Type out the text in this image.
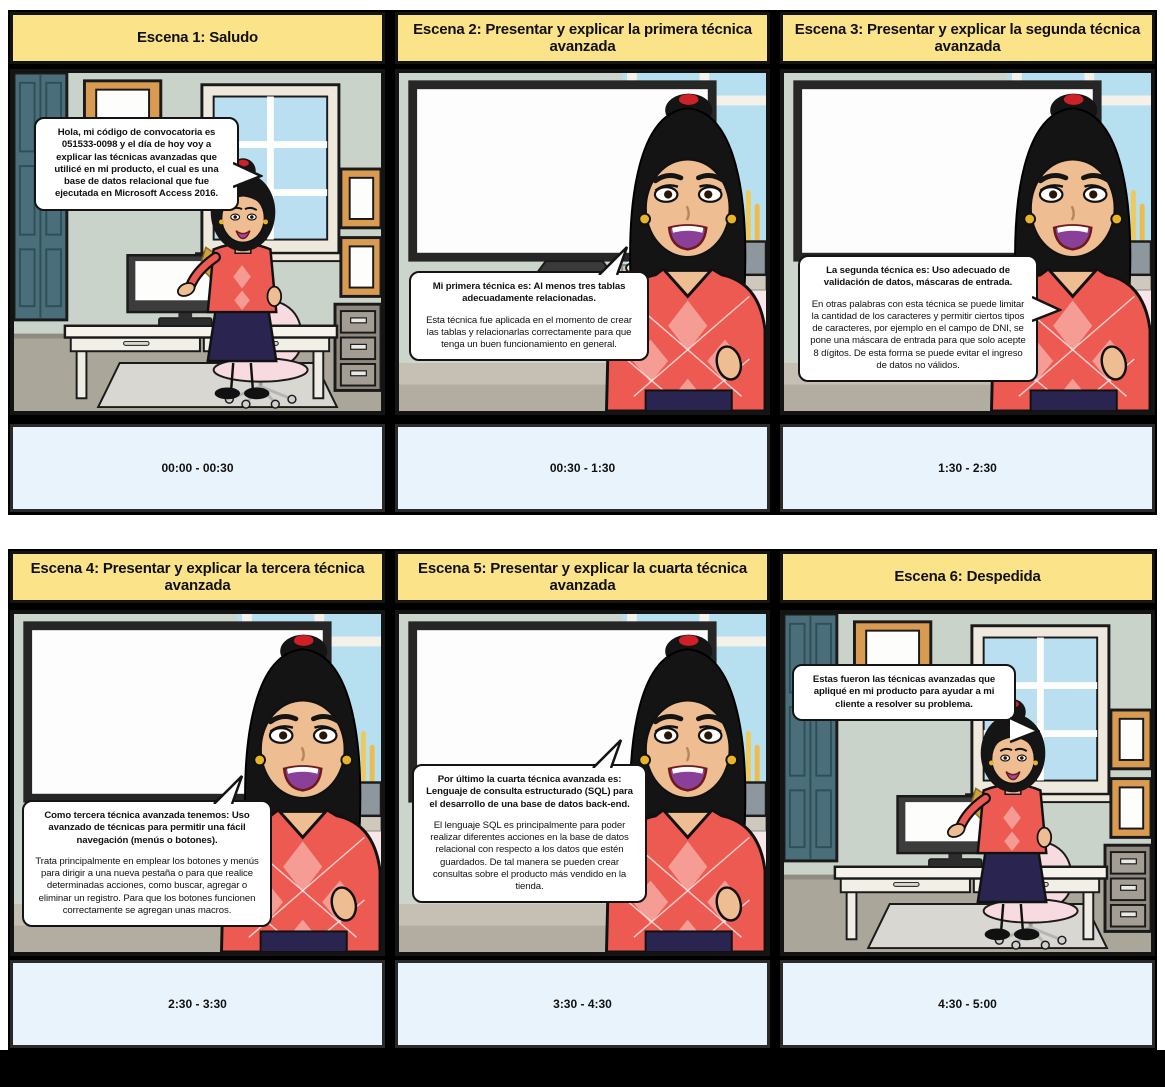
Escena 1: Saludo

Hola, mi código de convocatoria es 051533-0098 y el día de hoy voy a explicar las técnicas avanzadas que utilicé en mi producto, el cual es una base de datos relacional que fue ejecutada en Microsoft Access 2016.

00:00 - 00:30
Escena 2: Presentar y explicar la primera técnica avanzada

Mi primera técnica es: Al menos tres tablas adecuadamente relacionadas.

Esta técnica fue aplicada en el momento de crear las tablas y relacionarlas correctamente para que tenga un buen funcionamiento en general.

00:30 - 1:30
Escena 3: Presentar y explicar la segunda técnica avanzada

La segunda técnica es: Uso adecuado de validación de datos, máscaras de entrada.

En otras palabras con esta técnica se puede limitar la cantidad de los caracteres y permitir ciertos tipos de caracteres, por ejemplo en el campo de DNI, se pone una máscara de entrada para que solo acepte 8 dígitos. De esta forma se puede evitar el ingreso de datos no válidos.

1:30 - 2:30
Escena 4: Presentar y explicar la tercera técnica avanzada

Como tercera técnica avanzada tenemos: Uso avanzado de técnicas para permitir una fácil navegación (menús o botones).

Trata principalmente en emplear los botones y menús para dirigir a una nueva pestaña o para que realice determinadas acciones, como buscar, agregar o eliminar un registro. Para que los botones funcionen correctamente se agregan unas macros.

2:30 - 3:30
Escena 5: Presentar y explicar la cuarta técnica avanzada

Por último la cuarta técnica avanzada es: Lenguaje de consulta estructurado (SQL) para el desarrollo de una base de datos back-end.

El lenguaje SQL es principalmente para poder realizar diferentes acciones en la base de datos relacional con respecto a los datos que estén guardados. De tal manera se pueden crear consultas sobre el producto más vendido en la tienda.

3:30 - 4:30
Escena 6: Despedida

Estas fueron las técnicas avanzadas que apliqué en mi producto para ayudar a mi cliente a resolver su problema.

4:30 - 5:00
